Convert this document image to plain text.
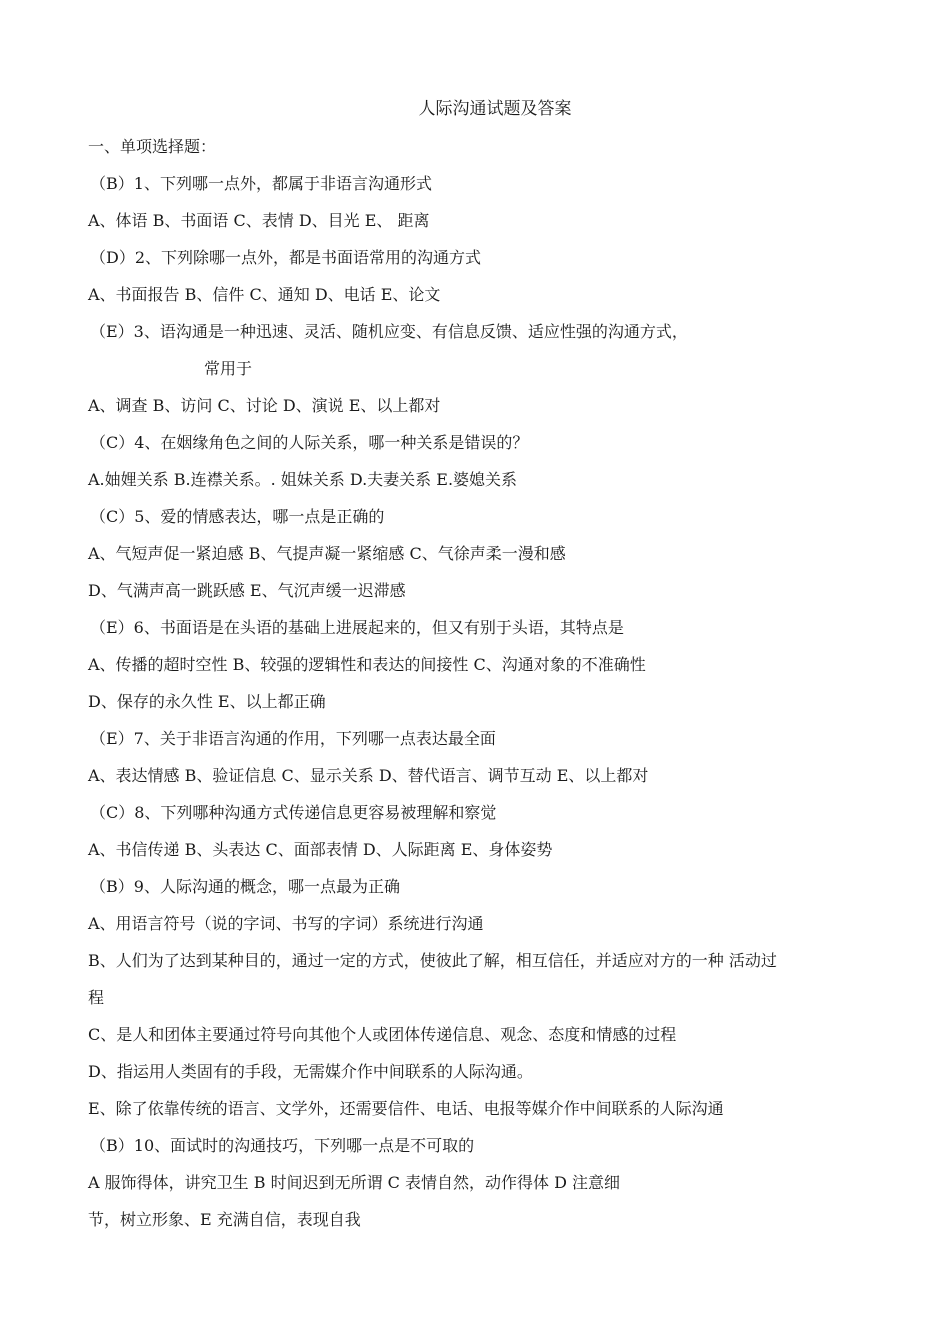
人际沟通试题及答案
一、单项选择题：
（B）1、下列哪一点外，都属于非语言沟通形式
A、体语 B、书面语 C、表情 D、目光 E、 距离
（D）2、下列除哪一点外，都是书面语常用的沟通方式
A、书面报告 B、信件 C、通知 D、电话 E、论文
（E）3、语沟通是一种迅速、灵活、随机应变、有信息反馈、适应性强的沟通方式，
常用于
A、调查 B、访问 C、讨论 D、演说 E、以上都对
（C）4、在姻缘角色之间的人际关系，哪一种关系是错误的？
A.妯娌关系 B.连襟关系。. 姐妹关系 D.夫妻关系 E.婆媳关系
（C）5、爱的情感表达，哪一点是正确的
A、气短声促一紧迫感 B、气提声凝一紧缩感 C、气徐声柔一漫和感
D、气满声高一跳跃感 E、气沉声缓一迟滞感
（E）6、书面语是在头语的基础上进展起来的，但又有别于头语，其特点是
A、传播的超时空性 B、较强的逻辑性和表达的间接性 C、沟通对象的不准确性
D、保存的永久性 E、以上都正确
（E）7、关于非语言沟通的作用，下列哪一点表达最全面
A、表达情感 B、验证信息 C、显示关系 D、替代语言、调节互动 E、以上都对
（C）8、下列哪种沟通方式传递信息更容易被理解和察觉
A、书信传递 B、头表达 C、面部表情 D、人际距离 E、身体姿势
（B）9、人际沟通的概念，哪一点最为正确
A、用语言符号（说的字词、书写的字词）系统进行沟通
B、人们为了达到某种目的，通过一定的方式，使彼此了解，相互信任，并适应对方的一种 活动过
程
C、是人和团体主要通过符号向其他个人或团体传递信息、观念、态度和情感的过程
D、指运用人类固有的手段，无需媒介作中间联系的人际沟通。
E、除了依靠传统的语言、文学外，还需要信件、电话、电报等媒介作中间联系的人际沟通
（B）10、面试时的沟通技巧，下列哪一点是不可取的
A 服饰得体，讲究卫生 B 时间迟到无所谓 C 表情自然，动作得体 D 注意细
节，树立形象、E 充满自信，表现自我
